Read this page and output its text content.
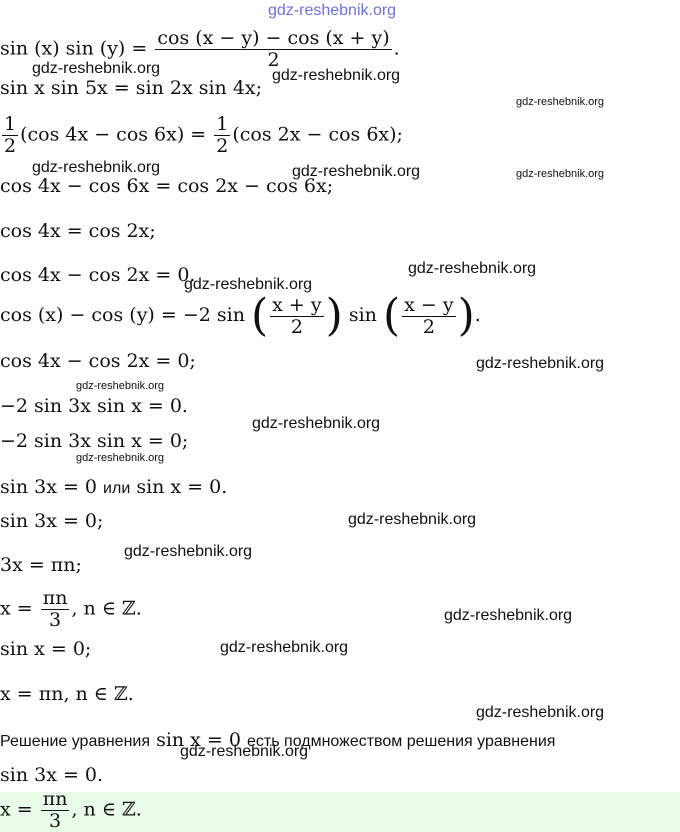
gdz-reshebnik.org
sin (x) $\sin (y) = \frac{\cos (x - y) - \cos (x + y)}{2}$ .
sin x sin 5x = sin 2x sin 4x;
$\frac{1}{2} (\cos$ $4x - \cos 6x) = \frac{1}{2} (\cos$ 2x − cos 6x);
cos 4x − cos 6x = cos 2x − cos 6x;
cos 4x = cos 2x;
cos 4x − cos 2x = 0.
cos (x) − cos (y) = −2 sin ( $\frac{x + y}{2}$ ) sin ( $\frac{x - y}{2}$ ).
cos 4x − cos 2x = 0;
−2 sin 3x sin x = 0.
−2 sin 3x sin x = 0;
sin 3x = 0 или sin x = 0.
sin 3x = 0;
3x = πn;
$x = \frac{\pi n}{3}$ , n ∈ ℤ.
sin x = 0;
x = πn, n ∈ ℤ.
Решение уравнения sin x = 0 есть подмножеством решения уравнения
sin 3x = 0.
$x = \frac{\pi n}{3}$ , n ∈ ℤ.
gdz-reshebnik.org	gdz-reshebnik.org
gdz-reshebnik.org
gdz-reshebnik.org	gdz-reshebnik.org	gdz-reshebnik.org
gdz-reshebnik.org
gdz-reshebnik.org
gdz-reshebnik.org
gdz-reshebnik.org
gdz-reshebnik.org
gdz-reshebnik.org
gdz-reshebnik.org
gdz-reshebnik.org
gdz-reshebnik.org
gdz-reshebnik.org
gdz-reshebnik.org
gdz-reshebnik.org
